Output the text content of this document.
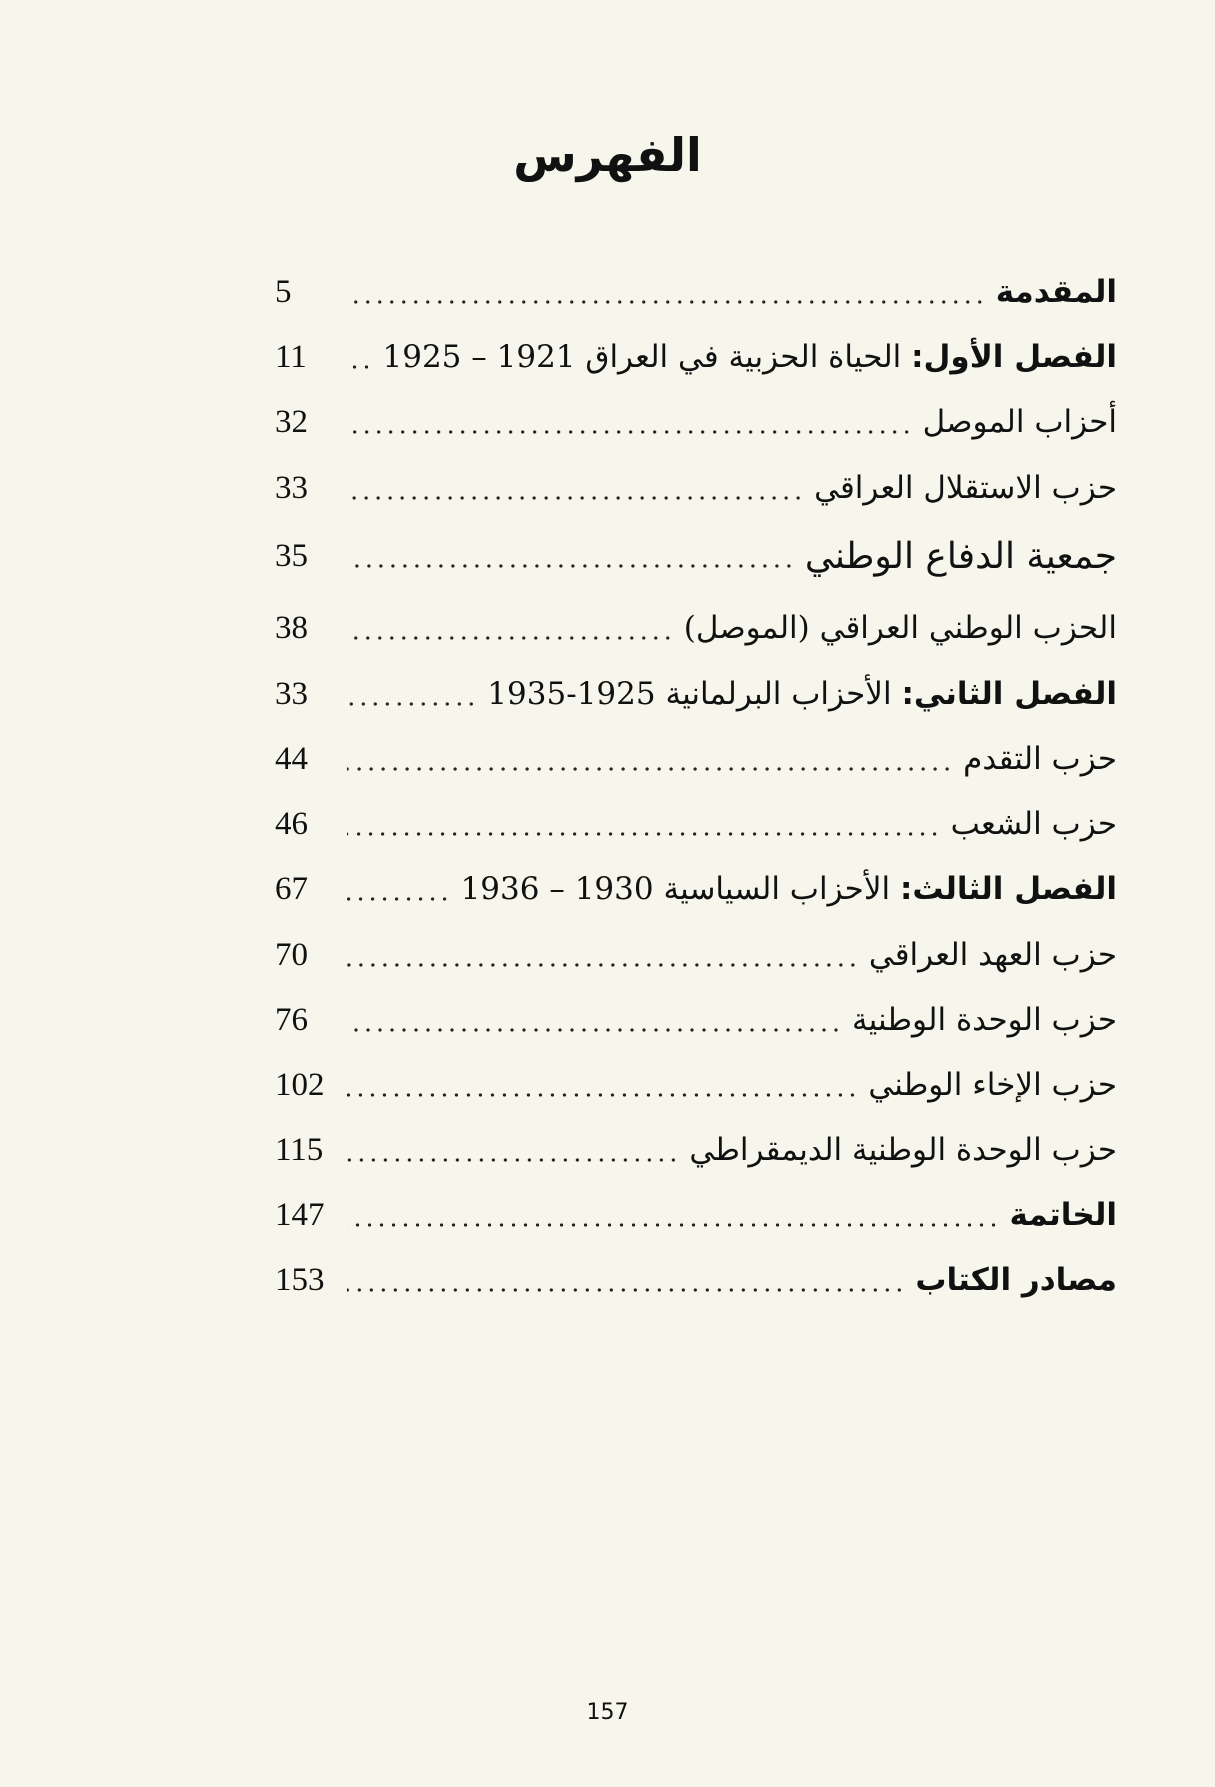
الفهرس
المقدمة
5
الفصل الأول: الحياة الحزبية في العراق 1921 – 1925
11
أحزاب الموصل
32
حزب الاستقلال العراقي
33
جمعية الدفاع الوطني
35
الحزب الوطني العراقي (الموصل)
38
الفصل الثاني: الأحزاب البرلمانية 1925-1935
33
حزب التقدم
44
حزب الشعب
46
الفصل الثالث: الأحزاب السياسية 1930 – 1936
67
حزب العهد العراقي
70
حزب الوحدة الوطنية
76
حزب الإخاء الوطني
102
حزب الوحدة الوطنية الديمقراطي
115
الخاتمة
147
مصادر الكتاب
153
157
